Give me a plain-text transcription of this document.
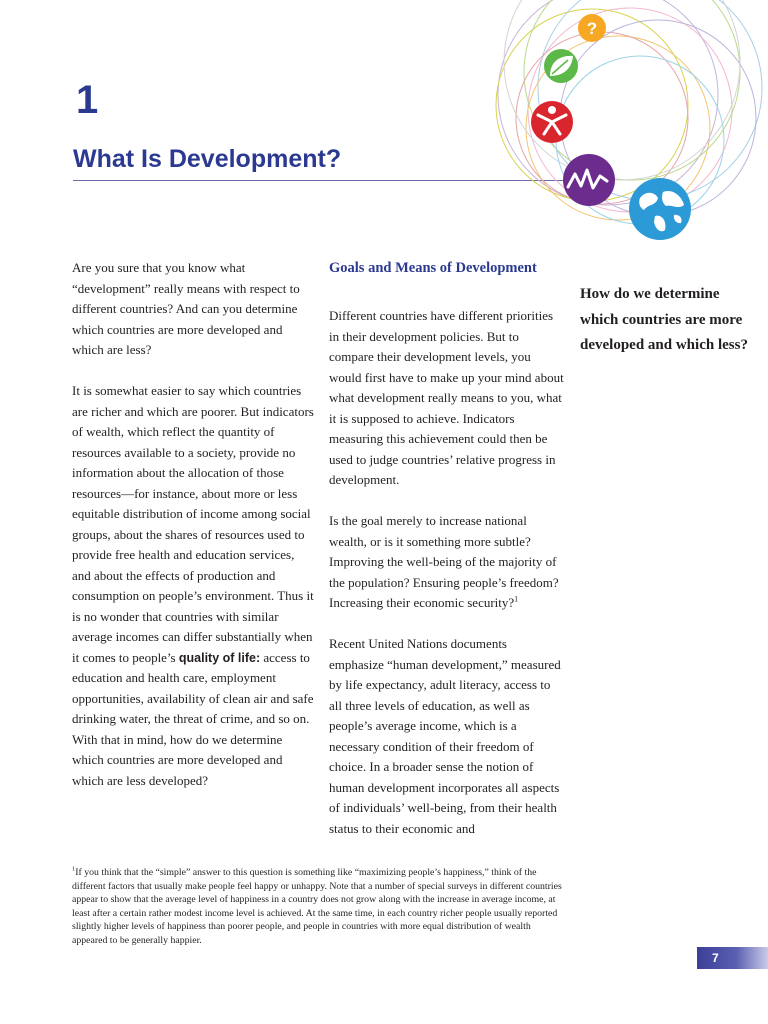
1
What Is Development?
?

Are you sure that you know what “development” really means with respect to different countries? And can you determine which countries are more developed and which are less?

It is somewhat easier to say which countries are richer and which are poorer. But indicators of wealth, which reflect the quantity of resources available to a society, provide no information about the allocation of those resources—for instance, about more or less equitable distribution of income among social groups, about the shares of resources used to provide free health and education services, and about the effects of production and consumption on people’s environment. Thus it is no wonder that countries with similar average incomes can differ substantially when it comes to people’s quality of life: access to education and health care, employment opportunities, availability of clean air and safe drinking water, the threat of crime, and so on. With that in mind, how do we determine which countries are more developed and which are less developed?

Goals and Means of Development

Different countries have different priorities in their development policies. But to compare their development levels, you would first have to make up your mind about what development really means to you, what it is supposed to achieve. Indicators measuring this achievement could then be used to judge countries’ relative progress in development.

Is the goal merely to increase national wealth, or is it something more subtle? Improving the well-being of the majority of the population? Ensuring people’s freedom? Increasing their economic security?$^1$

Recent United Nations documents emphasize “human development,” measured by life expectancy, adult literacy, access to all three levels of education, as well as people’s average income, which is a necessary condition of their freedom of choice. In a broader sense the notion of human development incorporates all aspects of individuals’ well-being, from their health status to their economic and

How do we determine which countries are more developed and which less?
$^1$If you think that the “simple” answer to this question is something like “maximizing people’s happiness,” think of the different factors that usually make people feel happy or unhappy. Note that a number of special surveys in different countries appear to show that the average level of happiness in a country does not grow along with the increase in average income, at least after a certain rather modest income level is achieved. At the same time, in each country richer people usually reported slightly higher levels of happiness than poorer people, and people in countries with more equal distribution of wealth appeared to be generally happier.
7
